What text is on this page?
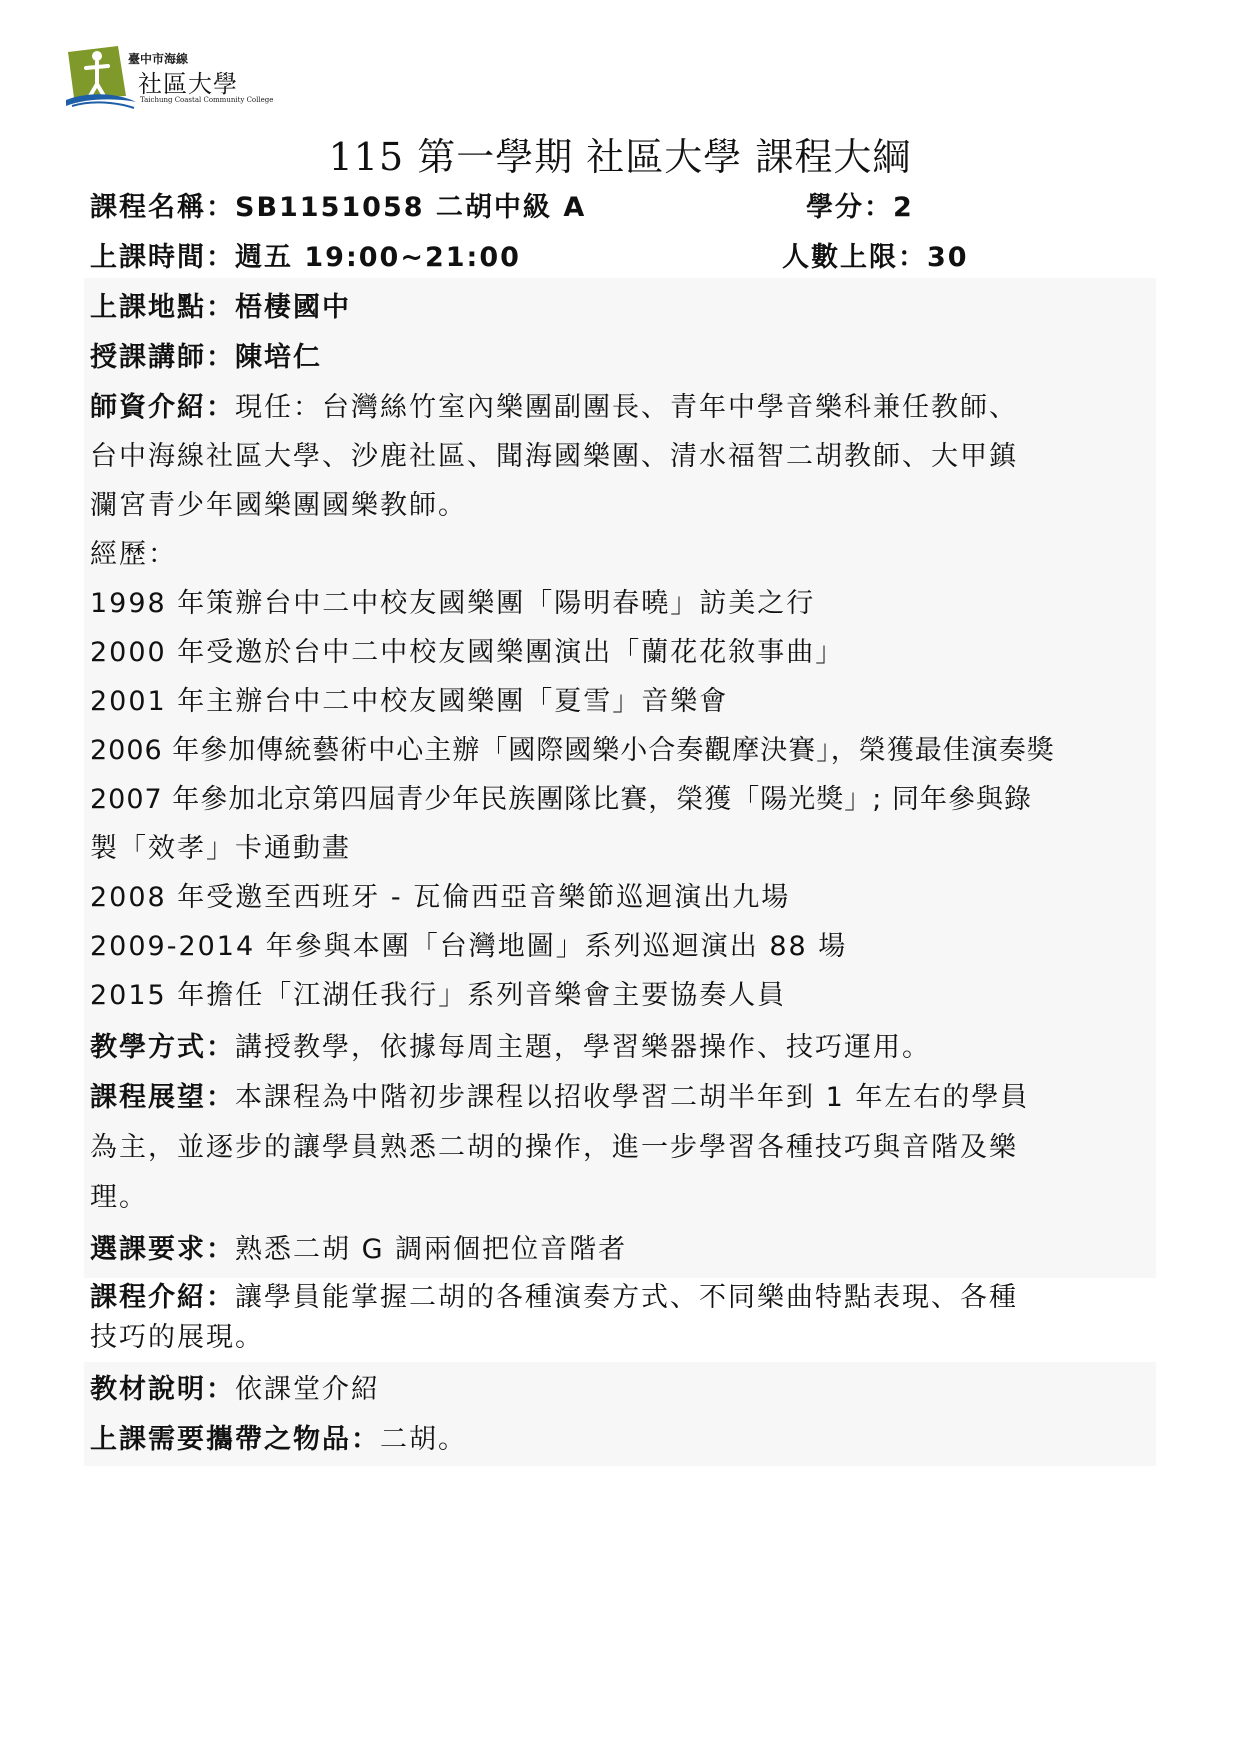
臺中市海線
社區大學
Taichung Coastal Community College
115 第一學期 社區大學 課程大綱
課程名稱：SB1151058 二胡中級 A	學分：2
上課時間：週五 19:00~21:00	人數上限：30
上課地點：梧棲國中
授課講師：陳培仁
師資介紹：現任：台灣絲竹室內樂團副團長、青年中學音樂科兼任教師、
台中海線社區大學、沙鹿社區、聞海國樂團、清水福智二胡教師、大甲鎮
瀾宮青少年國樂團國樂教師。
經歷：
1998 年策辦台中二中校友國樂團「陽明春曉」訪美之行
2000 年受邀於台中二中校友國樂團演出「蘭花花敘事曲」
2001 年主辦台中二中校友國樂團「夏雪」音樂會
2006 年參加傳統藝術中心主辦「國際國樂小合奏觀摩決賽」，榮獲最佳演奏獎
2007 年參加北京第四屆青少年民族團隊比賽，榮獲「陽光獎」; 同年參與錄
製「效孝」卡通動畫
2008 年受邀至西班牙 - 瓦倫西亞音樂節巡迴演出九場
2009-2014 年參與本團「台灣地圖」系列巡迴演出 88 場
2015 年擔任「江湖任我行」系列音樂會主要協奏人員
教學方式：講授教學，依據每周主題，學習樂器操作、技巧運用。
課程展望：本課程為中階初步課程以招收學習二胡半年到 1 年左右的學員
為主，並逐步的讓學員熟悉二胡的操作，進一步學習各種技巧與音階及樂
理。
選課要求：熟悉二胡 G 調兩個把位音階者
課程介紹：讓學員能掌握二胡的各種演奏方式、不同樂曲特點表現、各種
技巧的展現。
教材說明：依課堂介紹
上課需要攜帶之物品：二胡。
